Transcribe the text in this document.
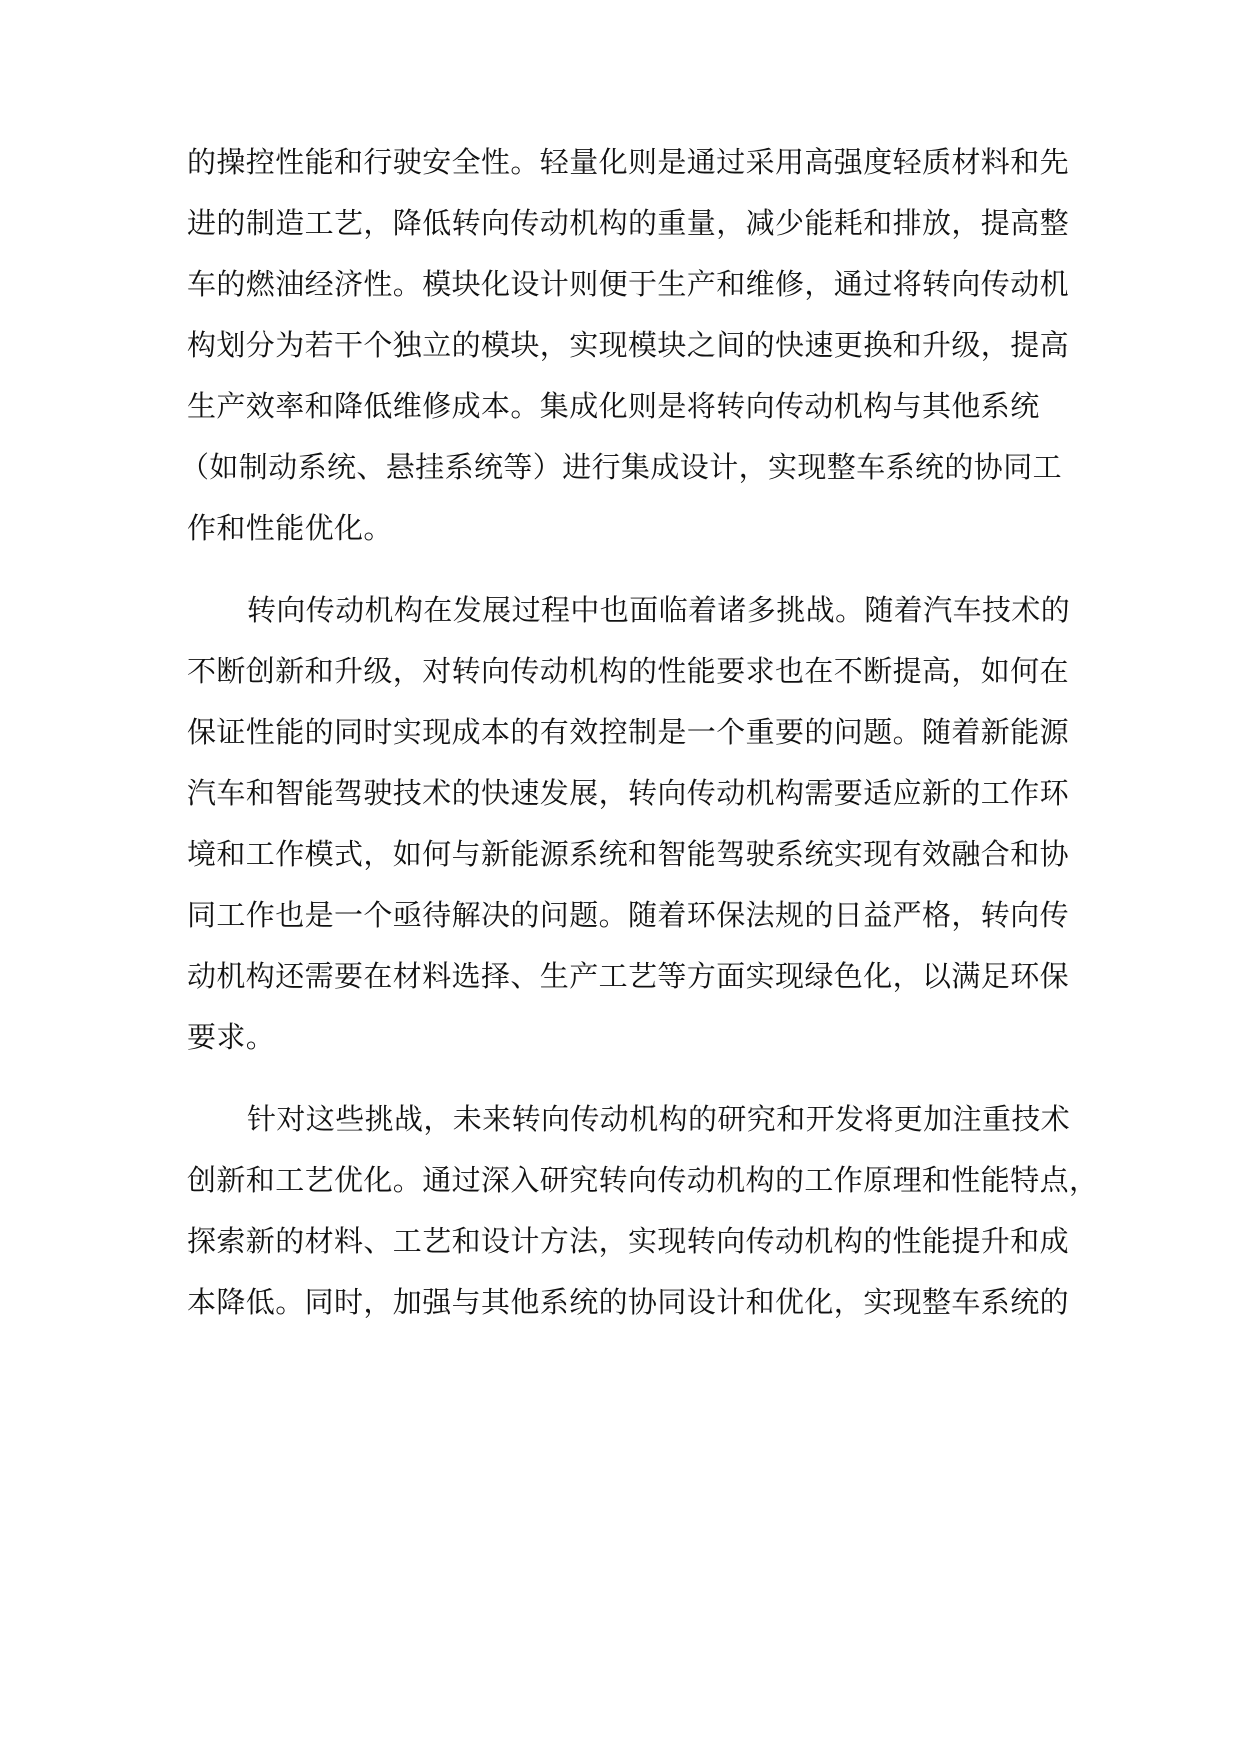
的操控性能和行驶安全性。轻量化则是通过采用高强度轻质材料和先
进的制造工艺，降低转向传动机构的重量，减少能耗和排放，提高整
车的燃油经济性。模块化设计则便于生产和维修，通过将转向传动机
构划分为若干个独立的模块，实现模块之间的快速更换和升级，提高
生产效率和降低维修成本。集成化则是将转向传动机构与其他系统
（如制动系统、悬挂系统等）进行集成设计，实现整车系统的协同工
作和性能优化。
转向传动机构在发展过程中也面临着诸多挑战。随着汽车技术的
不断创新和升级，对转向传动机构的性能要求也在不断提高，如何在
保证性能的同时实现成本的有效控制是一个重要的问题。随着新能源
汽车和智能驾驶技术的快速发展，转向传动机构需要适应新的工作环
境和工作模式，如何与新能源系统和智能驾驶系统实现有效融合和协
同工作也是一个亟待解决的问题。随着环保法规的日益严格，转向传
动机构还需要在材料选择、生产工艺等方面实现绿色化，以满足环保
要求。
针对这些挑战，未来转向传动机构的研究和开发将更加注重技术
创新和工艺优化。通过深入研究转向传动机构的工作原理和性能特点，
探索新的材料、工艺和设计方法，实现转向传动机构的性能提升和成
本降低。同时，加强与其他系统的协同设计和优化，实现整车系统的
